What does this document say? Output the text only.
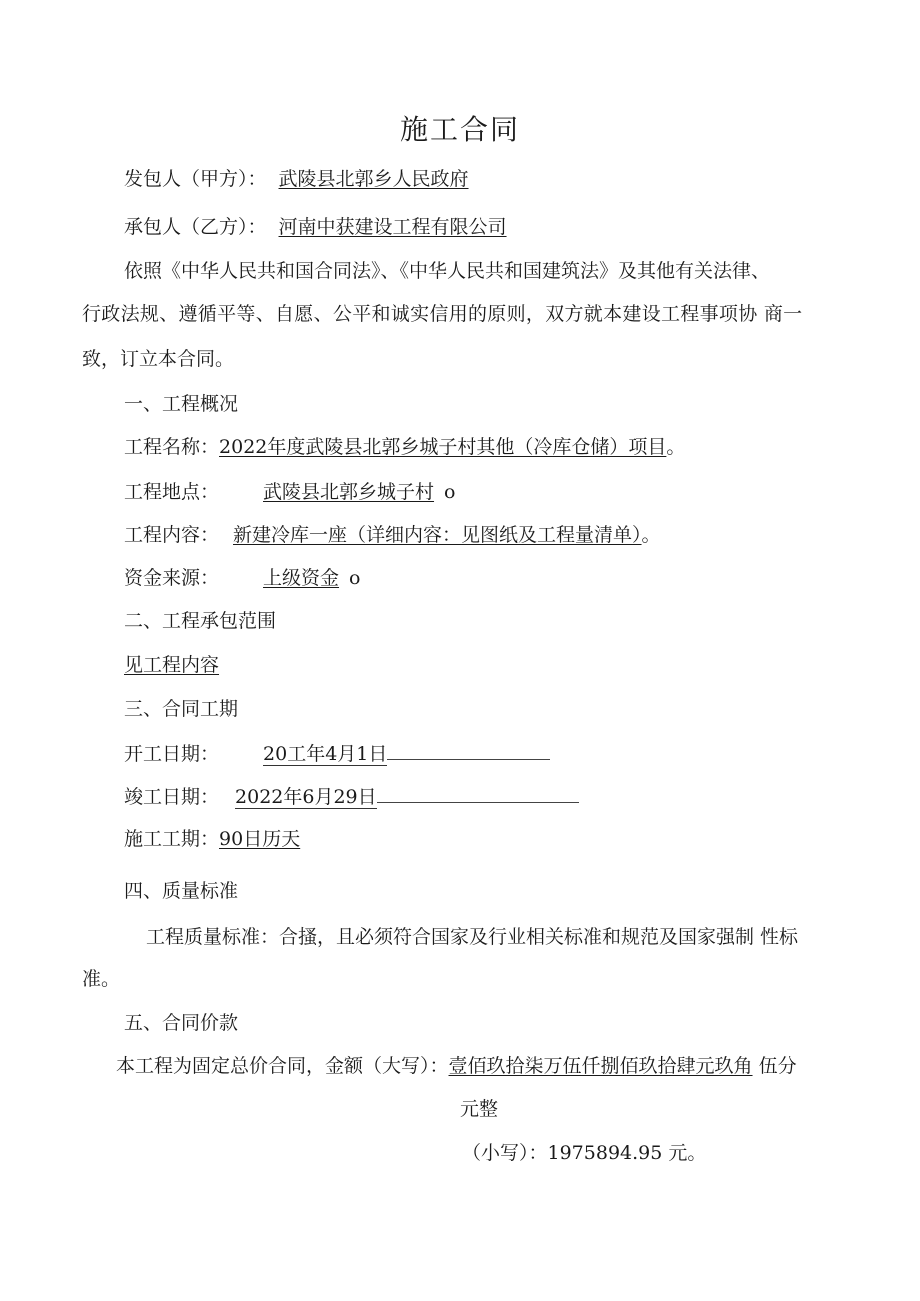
施工合同
发包人（甲方）： 武陵县北郭乡人民政府
承包人（乙方）： 河南中获建设工程有限公司
依照《中华人民共和国合同法》、《中华人民共和国建筑法》及其他有关法律、
行政法规、遵循平等、自愿、公平和诚实信用的原则，双方就本建设工程事项协 商一
致，订立本合同。
一、工程概况
工程名称：2022年度武陵县北郭乡城子村其他（冷库仓储）项目。
工程地点： 武陵县北郭乡城子村 o
工程内容： 新建冷库一座（详细内容：见图纸及工程量清单）。
资金来源： 上级资金 o
二、工程承包范围
见工程内容
三、合同工期
开工日期： 20工年4月1日
竣工日期： 2022年6月29日
施工工期：90日历天
四、质量标准
工程质量标准：合搔，且必须符合国家及行业相关标准和规范及国家强制 性标
准。
五、合同价款
本工程为固定总价合同，金额（大写）：壹佰玖拾柒万伍仟捌佰玖拾肆元玖角 伍分
元整
（小写）：1975894.95 元。
